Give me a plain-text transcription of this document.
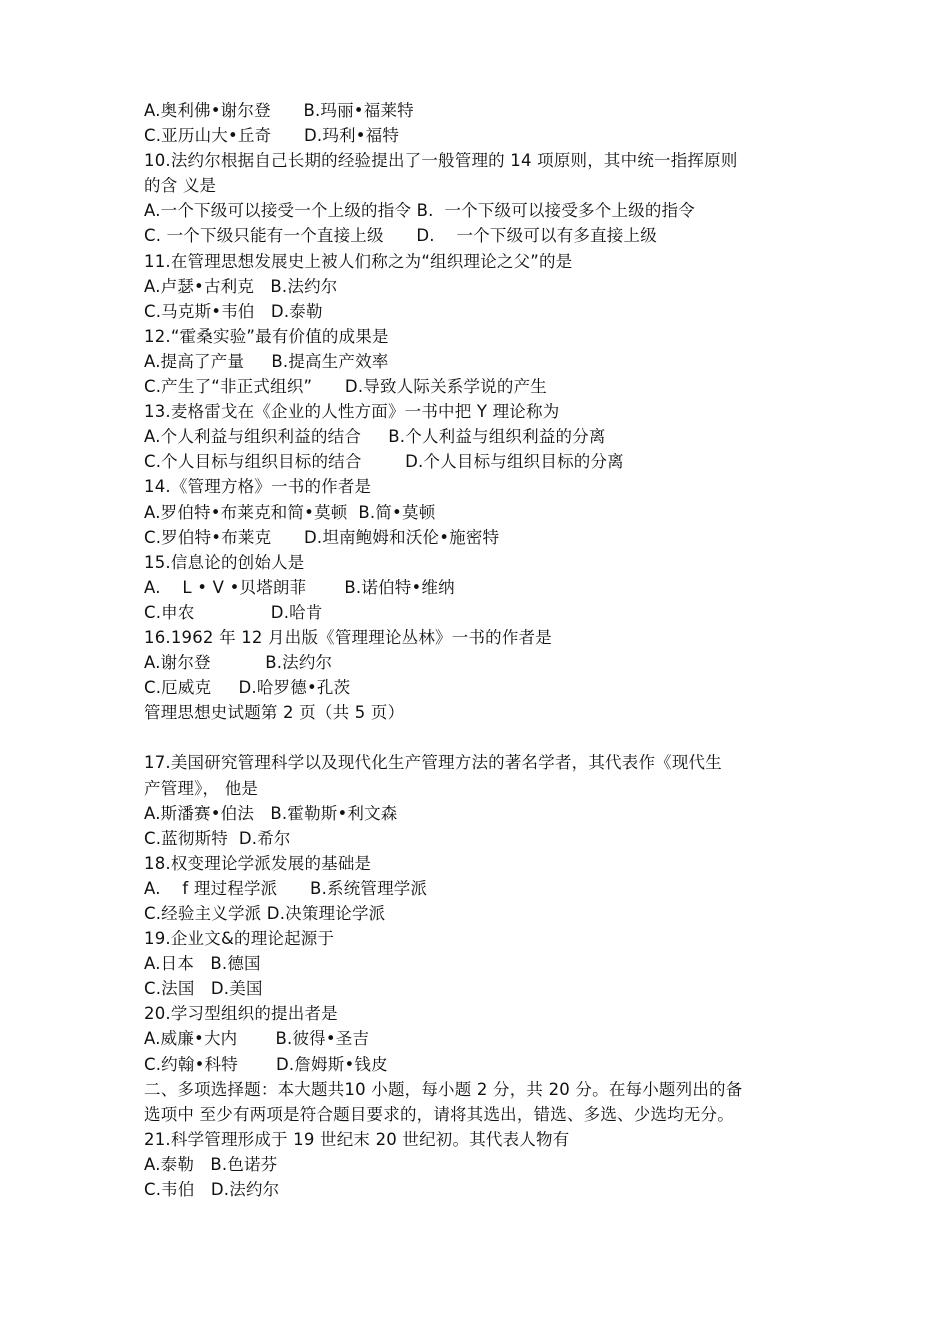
A.奥利佛•谢尔登      B.玛丽•福莱特
C.亚历山大•丘奇      D.玛利•福特
10.法约尔根据自己长期的经验提出了一般管理的 14 项原则，其中统一指挥原则
的含 义是
A.一个下级可以接受一个上级的指令 B.  一个下级可以接受多个上级的指令
C. 一个下级只能有一个直接上级      D.    一个下级可以有多直接上级
11.在管理思想发展史上被人们称之为“组织理论之父”的是
A.卢瑟•古利克   B.法约尔
C.马克斯•韦伯   D.泰勒
12.“霍桑实验”最有价值的成果是
A.提高了产量     B.提高生产效率
C.产生了“非正式组织”      D.导致人际关系学说的产生
13.麦格雷戈在《企业的人性方面》一书中把 Y 理论称为
A.个人利益与组织利益的结合     B.个人利益与组织利益的分离
C.个人目标与组织目标的结合        D.个人目标与组织目标的分离
14.《管理方格》一书的作者是
A.罗伯特•布莱克和简•莫顿  B.简•莫顿
C.罗伯特•布莱克      D.坦南鲍姆和沃伦•施密特
15.信息论的创始人是
A.    L • V •贝塔朗菲       B.诺伯特•维纳
C.申农              D.哈肯
16.1962 年 12 月出版《管理理论丛林》一书的作者是
A.谢尔登          B.法约尔
C.厄威克     D.哈罗德•孔茨
管理思想史试题第 2 页（共 5 页）
17.美国研究管理科学以及现代化生产管理方法的著名学者，其代表作《现代生
产管理》， 他是
A.斯潘赛•伯法   B.霍勒斯•利文森
C.蓝彻斯特  D.希尔
18.权变理论学派发展的基础是
A.    f 理过程学派      B.系统管理学派
C.经验主义学派 D.决策理论学派
19.企业文&的理论起源于
A.日本   B.德国
C.法国   D.美国
20.学习型组织的提出者是
A.威廉•大内       B.彼得•圣吉
C.约翰•科特       D.詹姆斯•钱皮
二、多项选择题：本大题共10 小题，每小题 2 分，共 20 分。在每小题列出的备
选项中 至少有两项是符合题目要求的，请将其选出，错选、多选、少选均无分。
21.科学管理形成于 19 世纪末 20 世纪初。其代表人物有
A.泰勒   B.色诺芬
C.韦伯   D.法约尔
